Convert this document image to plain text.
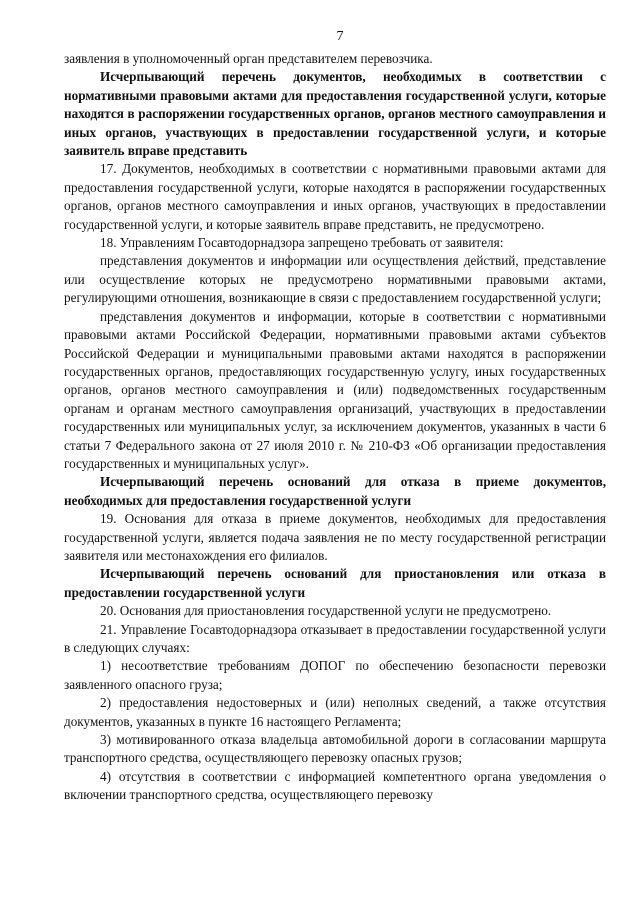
7

заявления в уполномоченный орган представителем перевозчика.

Исчерпывающий перечень документов, необходимых в соответствии с нормативными правовыми актами для предоставления государственной услуги, которые находятся в распоряжении государственных органов, органов местного самоуправления и иных органов, участвующих в предоставлении государственной услуги, и которые заявитель вправе представить

17. Документов, необходимых в соответствии с нормативными правовыми актами для предоставления государственной услуги, которые находятся в распоряжении государственных органов, органов местного самоуправления и иных органов, участвующих в предоставлении государственной услуги, и которые заявитель вправе представить, не предусмотрено.

18. Управлениям Госавтодорнадзора запрещено требовать от заявителя:

представления документов и информации или осуществления действий, представление или осуществление которых не предусмотрено нормативными правовыми актами, регулирующими отношения, возникающие в связи с предоставлением государственной услуги;

представления документов и информации, которые в соответствии с нормативными правовыми актами Российской Федерации, нормативными правовыми актами субъектов Российской Федерации и муниципальными правовыми актами находятся в распоряжении государственных органов, предоставляющих государственную услугу, иных государственных органов, органов местного самоуправления и (или) подведомственных государственным органам и органам местного самоуправления организаций, участвующих в предоставлении государственных или муниципальных услуг, за исключением документов, указанных в части 6 статьи 7 Федерального закона от 27 июля 2010 г. № 210-ФЗ «Об организации предоставления государственных и муниципальных услуг».

Исчерпывающий перечень оснований для отказа в приеме документов, необходимых для предоставления государственной услуги

19. Основания для отказа в приеме документов, необходимых для предоставления государственной услуги, является подача заявления не по месту государственной регистрации заявителя или местонахождения его филиалов.

Исчерпывающий перечень оснований для приостановления или отказа в предоставлении государственной услуги

20. Основания для приостановления государственной услуги не предусмотрено.

21. Управление Госавтодорнадзора отказывает в предоставлении государственной услуги в следующих случаях:

1) несоответствие требованиям ДОПОГ по обеспечению безопасности перевозки заявленного опасного груза;

2) предоставления недостоверных и (или) неполных сведений, а также отсутствия документов, указанных в пункте 16 настоящего Регламента;

3) мотивированного отказа владельца автомобильной дороги в согласовании маршрута транспортного средства, осуществляющего перевозку опасных грузов;

4) отсутствия в соответствии с информацией компетентного органа уведомления о включении транспортного средства, осуществляющего перевозку
